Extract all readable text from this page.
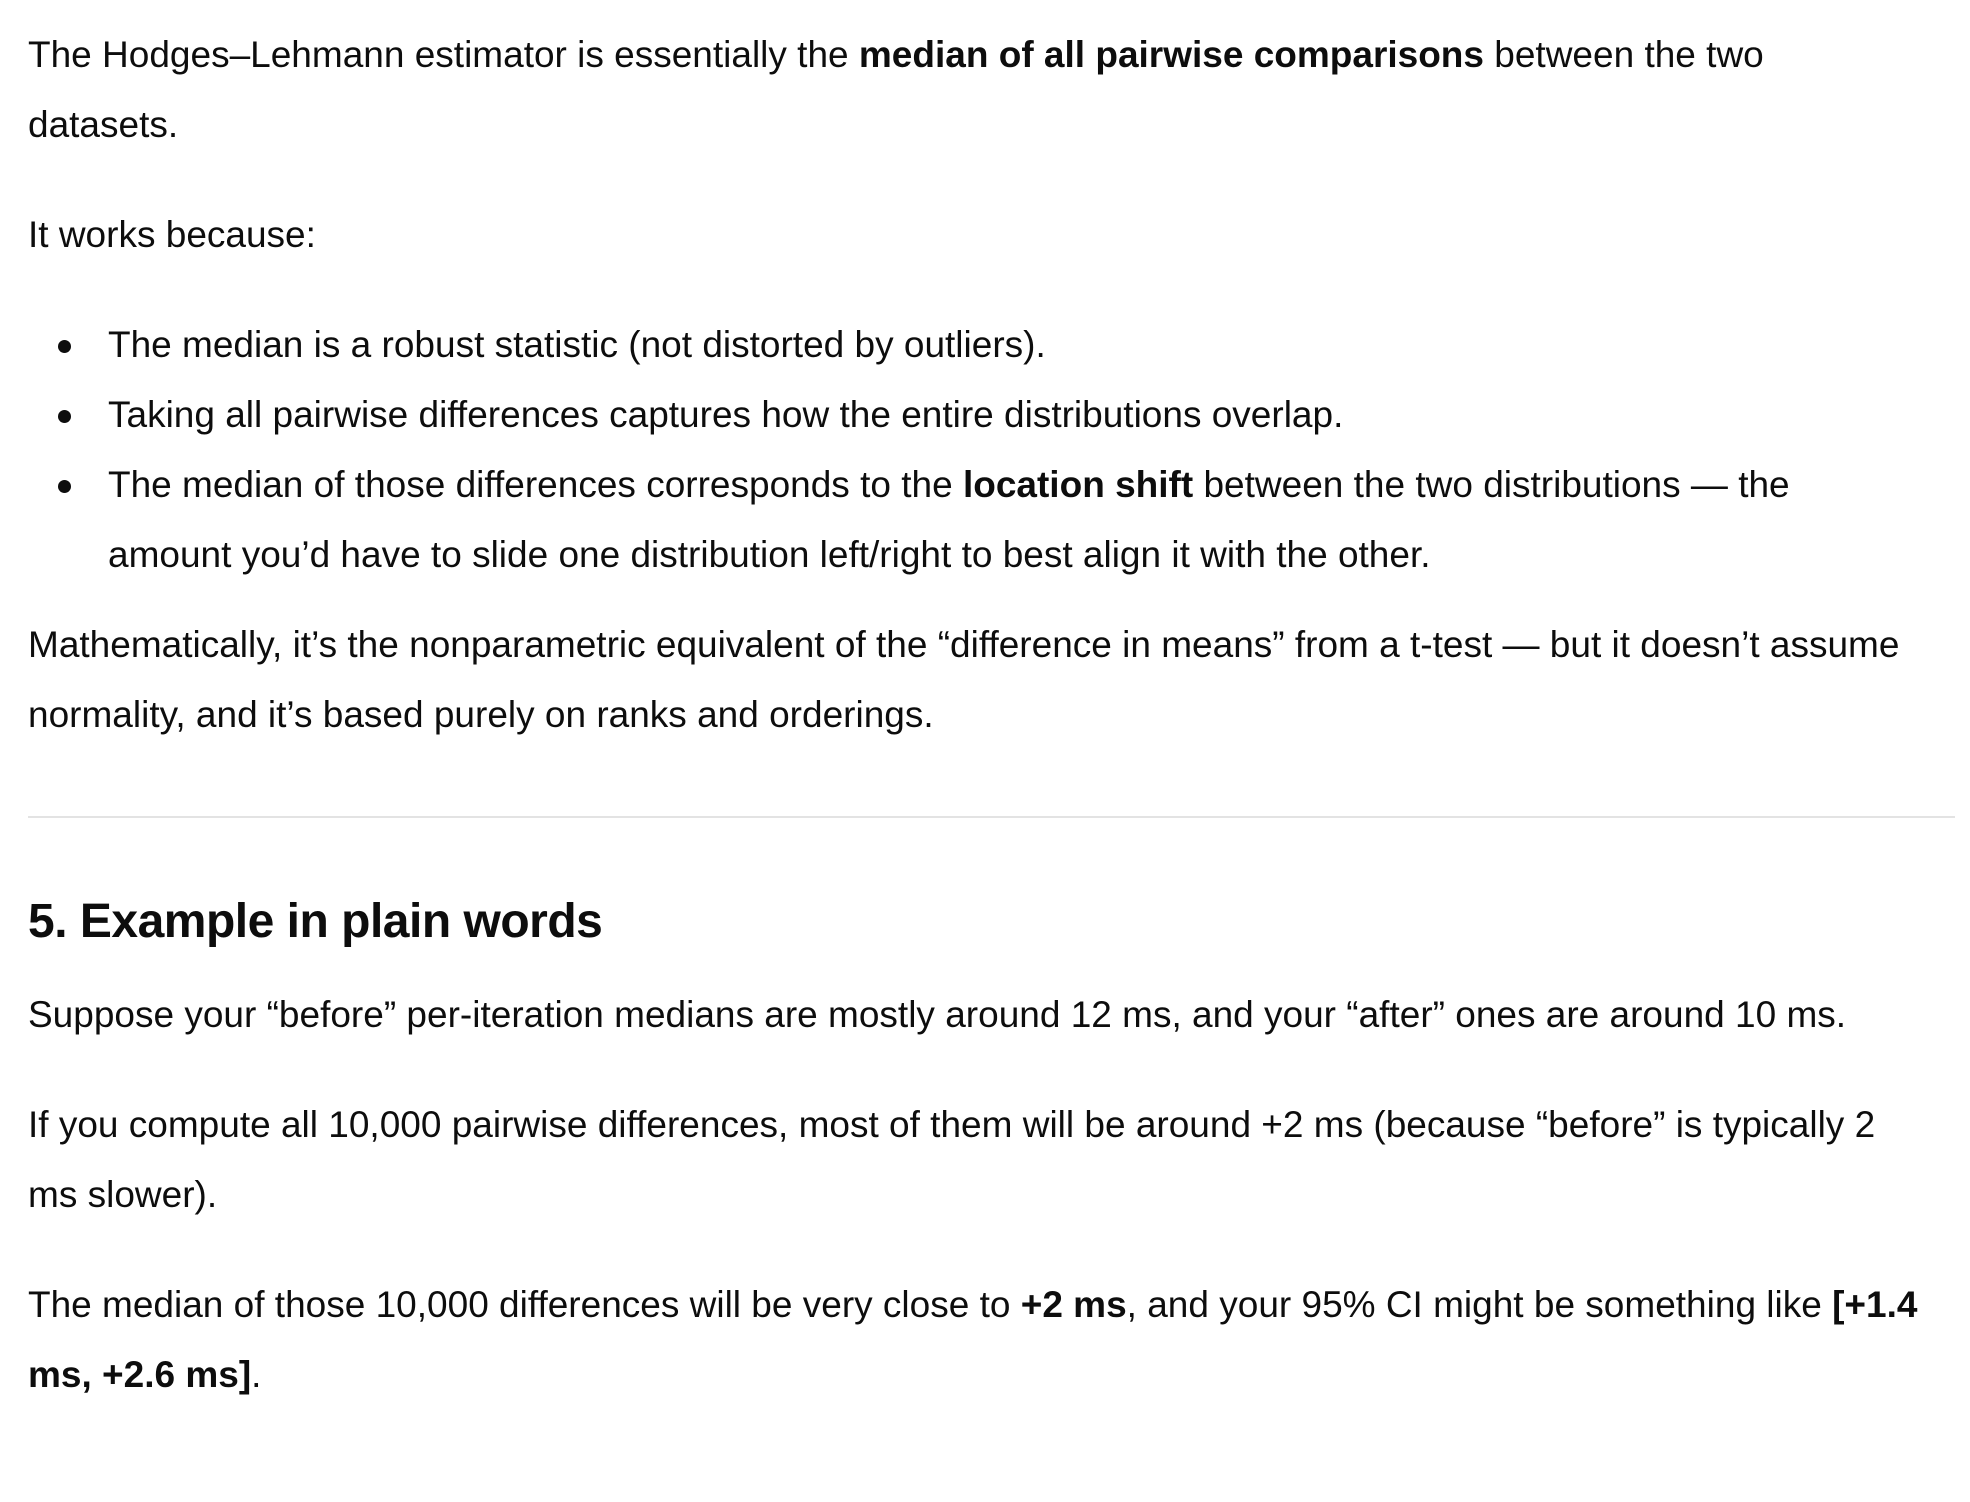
The Hodges–Lehmann estimator is essentially the median of all pairwise comparisons between the two datasets.

It works because:

The median is a robust statistic (not distorted by outliers).
Taking all pairwise differences captures how the entire distributions overlap.
The median of those differences corresponds to the location shift between the two distributions — the amount you’d have to slide one distribution left/right to best align it with the other.

Mathematically, it’s the nonparametric equivalent of the “difference in means” from a t-test — but it doesn’t assume normality, and it’s based purely on ranks and orderings.

5. Example in plain words

Suppose your “before” per-iteration medians are mostly around 12 ms, and your “after” ones are around 10 ms.

If you compute all 10,000 pairwise differences, most of them will be around +2 ms (because “before” is typically 2 ms slower).

The median of those 10,000 differences will be very close to +2 ms, and your 95% CI might be something like [+1.4 ms, +2.6 ms].
